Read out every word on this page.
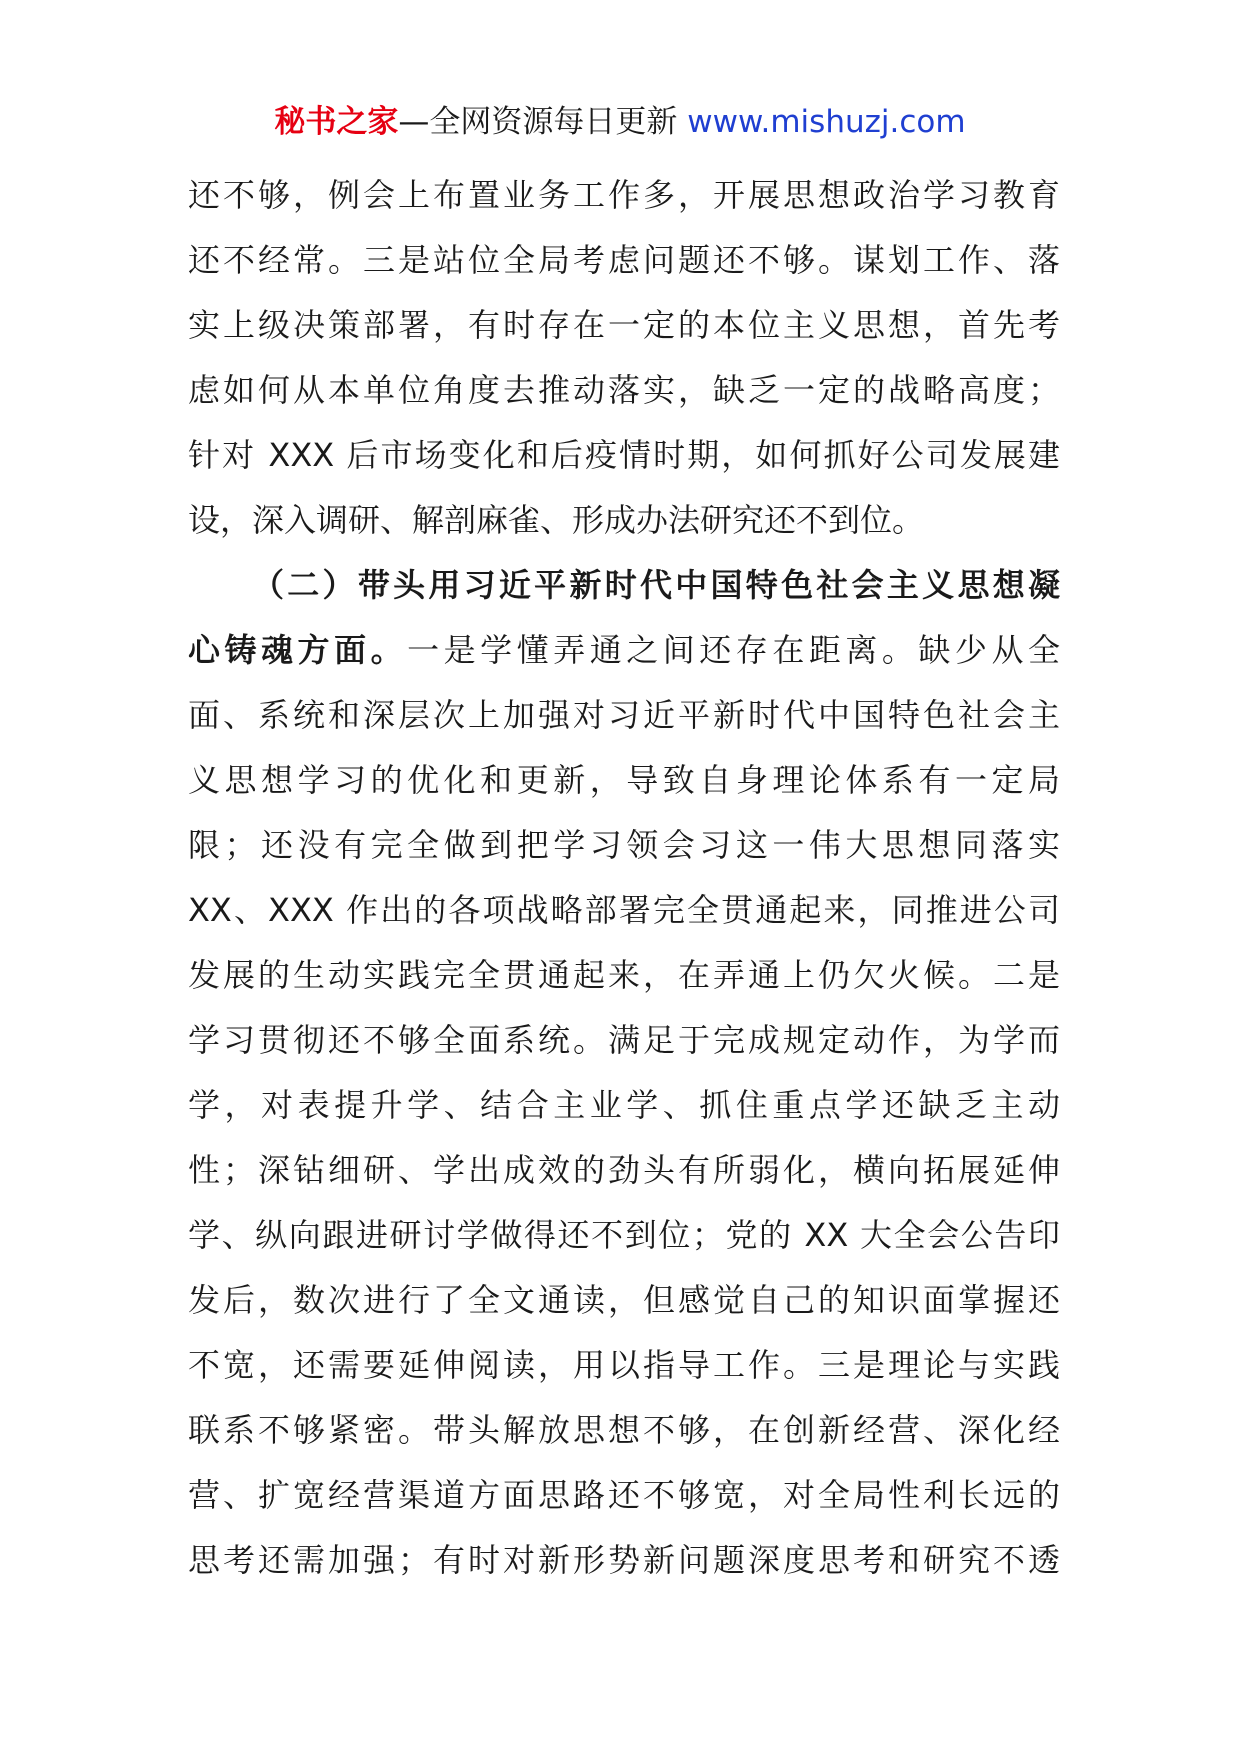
秘书之家—全网资源每日更新 www.mishuzj.com
还不够，例会上布置业务工作多，开展思想政治学习教育
还不经常。三是站位全局考虑问题还不够。谋划工作、落
实上级决策部署，有时存在一定的本位主义思想，首先考
虑如何从本单位角度去推动落实，缺乏一定的战略高度；
针对 XXX 后市场变化和后疫情时期，如何抓好公司发展建
设，深入调研、解剖麻雀、形成办法研究还不到位。
（二）带头用习近平新时代中国特色社会主义思想凝
心铸魂方面。一是学懂弄通之间还存在距离。缺少从全
面、系统和深层次上加强对习近平新时代中国特色社会主
义思想学习的优化和更新，导致自身理论体系有一定局
限；还没有完全做到把学习领会习这一伟大思想同落实
XX、XXX 作出的各项战略部署完全贯通起来，同推进公司
发展的生动实践完全贯通起来，在弄通上仍欠火候。二是
学习贯彻还不够全面系统。满足于完成规定动作，为学而
学，对表提升学、结合主业学、抓住重点学还缺乏主动
性；深钻细研、学出成效的劲头有所弱化，横向拓展延伸
学、纵向跟进研讨学做得还不到位；党的 XX 大全会公告印
发后，数次进行了全文通读，但感觉自己的知识面掌握还
不宽，还需要延伸阅读，用以指导工作。三是理论与实践
联系不够紧密。带头解放思想不够，在创新经营、深化经
营、扩宽经营渠道方面思路还不够宽，对全局性利长远的
思考还需加强；有时对新形势新问题深度思考和研究不透
